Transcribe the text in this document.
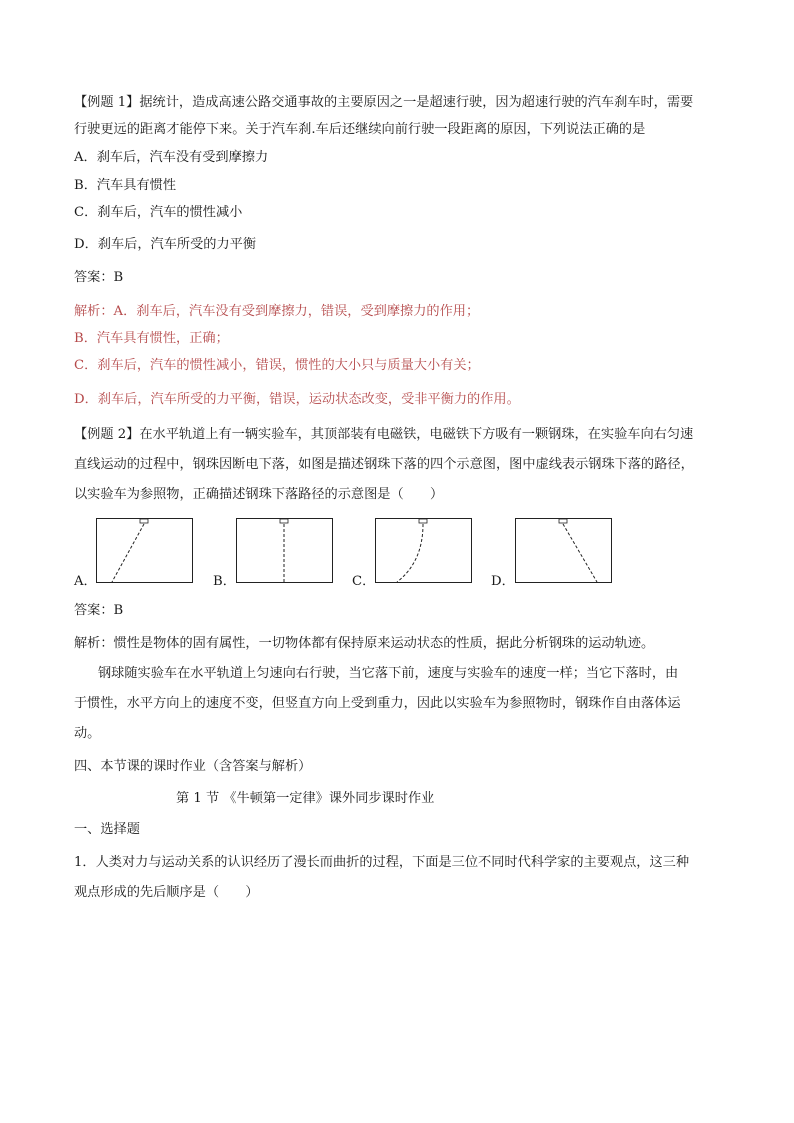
【例题 1】据统计，造成高速公路交通事故的主要原因之一是超速行驶，因为超速行驶的汽车刹车时，需要
行驶更远的距离才能停下来。关于汽车刹.车后还继续向前行驶一段距离的原因，下列说法正确的是
A．刹车后，汽车没有受到摩擦力
B．汽车具有惯性
C．刹车后，汽车的惯性减小
D．刹车后，汽车所受的力平衡
答案：B
解析：A．刹车后，汽车没有受到摩擦力，错误，受到摩擦力的作用；
B．汽车具有惯性，正确；
C．刹车后，汽车的惯性减小，错误，惯性的大小只与质量大小有关；
D．刹车后，汽车所受的力平衡，错误，运动状态改变，受非平衡力的作用。
【例题 2】在水平轨道上有一辆实验车，其顶部装有电磁铁，电磁铁下方吸有一颗钢珠，在实验车向右匀速
直线运动的过程中，钢珠因断电下落，如图是描述钢珠下落的四个示意图，图中虚线表示钢珠下落的路径，
以实验车为参照物，正确描述钢珠下落路径的示意图是（　　）
A．	B．	C．	D．
答案：B
解析：惯性是物体的固有属性，一切物体都有保持原来运动状态的性质，据此分析钢珠的运动轨迹。
钢球随实验车在水平轨道上匀速向右行驶，当它落下前，速度与实验车的速度一样；当它下落时，由
于惯性，水平方向上的速度不变，但竖直方向上受到重力，因此以实验车为参照物时，钢珠作自由落体运
动。
四、本节课的课时作业（含答案与解析）
第 1 节 《牛顿第一定律》课外同步课时作业
一、选择题
1．人类对力与运动关系的认识经历了漫长而曲折的过程，下面是三位不同时代科学家的主要观点，这三种
观点形成的先后顺序是（　　）
